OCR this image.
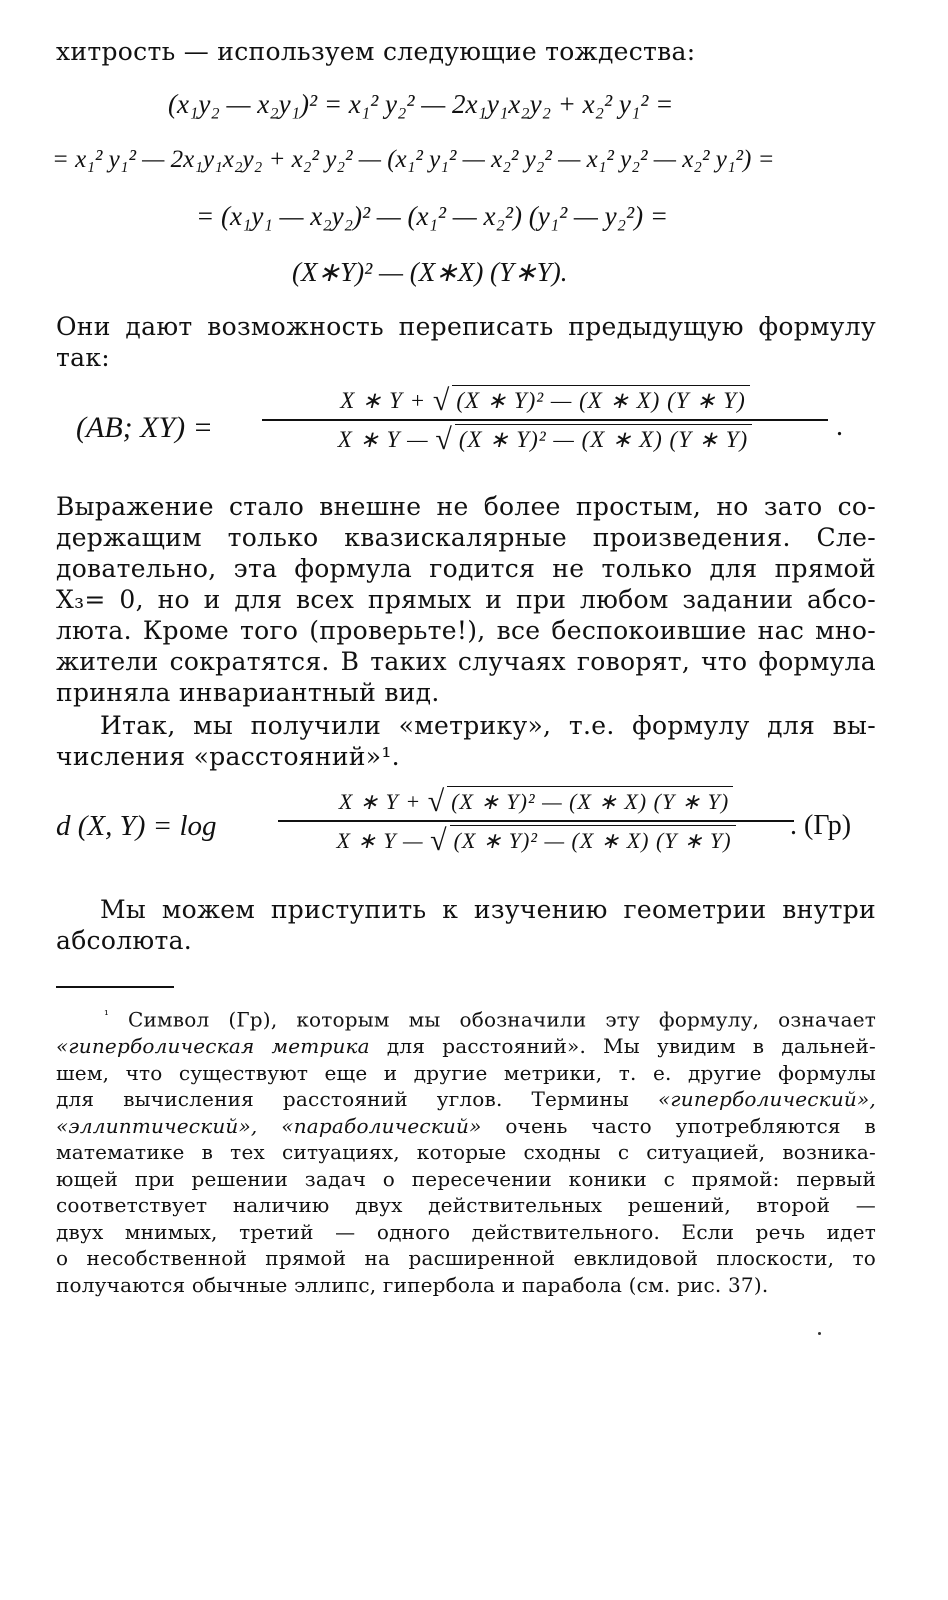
хитрость — используем следующие тождества:

(x₁y₂ — x₂y₁)² = x₁² y₂² — 2x₁y₁x₂y₂ + x₂² y₁² =
= x₁² y₁² — 2x₁y₁x₂y₂ + x₂² y₂² — (x₁² y₁² — x₂² y₂² — x₁² y₂² — x₂² y₁²) =
= (x₁y₁ — x₂y₂)² — (x₁² — x₂²) (y₁² — y₂²) =
(X∗Y)² — (X∗X) (Y∗Y).

Они дают возможность переписать предыдущую формулу
так:

(AB; XY) =
X ∗ Y + √ (X ∗ Y)² — (X ∗ X) (Y ∗ Y)
X ∗ Y — √ (X ∗ Y)² — (X ∗ X) (Y ∗ Y)	.

Выражение стало внешне не более простым, но зато со-
держащим только квазискалярные произведения. Сле-
довательно, эта формула годится не только для прямой
X₃= 0, но и для всех прямых и при любом задании абсо-
люта. Кроме того (проверьте!), все беспокоившие нас мно-
жители сократятся. В таких случаях говорят, что формула
приняла инвариантный вид.

Итак, мы получили «метрику», т.е. формулу для вы-
числения «расстояний»¹.

d (X, Y) = log
X ∗ Y + √ (X ∗ Y)² — (X ∗ X) (Y ∗ Y)
X ∗ Y — √ (X ∗ Y)² — (X ∗ X) (Y ∗ Y)	. (Гр)

Мы можем приступить к изучению геометрии внутри
абсолюта.

$^{^1}$ Символ (Гр), которым мы обозначили эту формулу, означает
«гиперболическая метрика для расстояний». Мы увидим в дальней-
шем, что существуют еще и другие метрики, т. е. другие формулы
для вычисления расстояний углов. Термины «гиперболический»,
«эллиптический», «параболический» очень часто употребляются в
математике в тех ситуациях, которые сходны с ситуацией, возника-
ющей при решении задач о пересечении коники с прямой: первый
соответствует наличию двух действительных решений, второй —
двух мнимых, третий — одного действительного. Если речь идет
о несобственной прямой на расширенной евклидовой плоскости, то
получаются обычные эллипс, гипербола и парабола (см. рис. 37).
